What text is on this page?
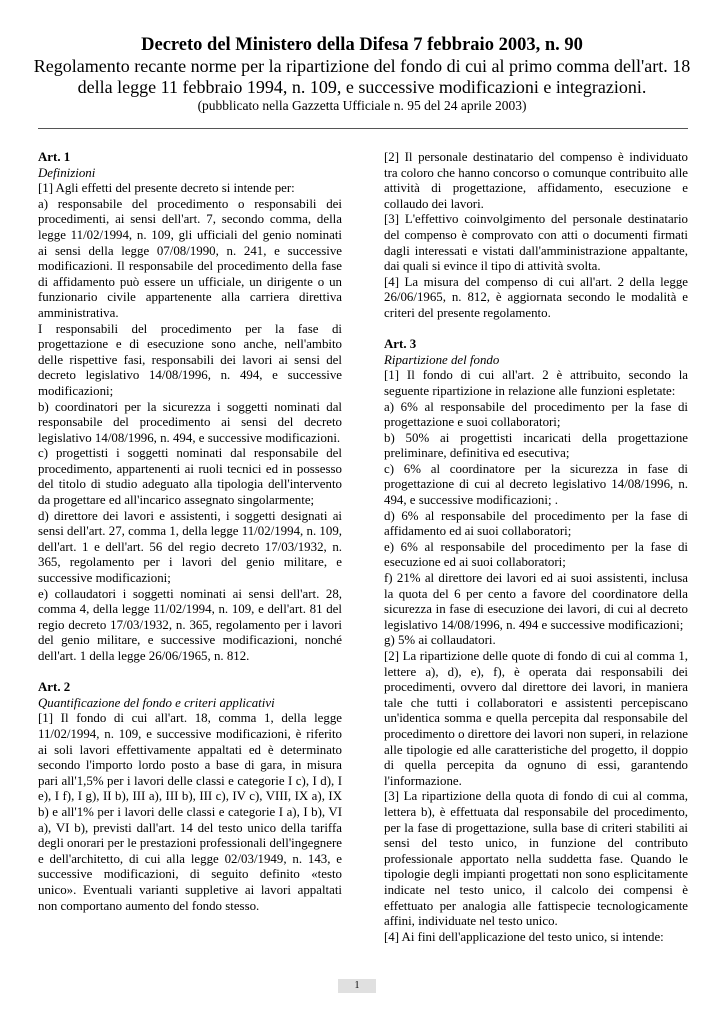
Decreto del Ministero della Difesa 7 febbraio 2003, n. 90
Regolamento recante norme per la ripartizione del fondo di cui al primo comma dell'art. 18 della legge 11 febbraio 1994, n. 109, e successive modificazioni e integrazioni.
(pubblicato nella Gazzetta Ufficiale n. 95 del 24 aprile 2003)

Art. 1

Definizioni

[1] Agli effetti del presente decreto si intende per:

a) responsabile del procedimento o responsabili dei procedimenti, ai sensi dell'art. 7, secondo comma, della legge 11/02/1994, n. 109, gli ufficiali del genio nominati ai sensi della legge 07/08/1990, n. 241, e successive modificazioni. Il responsabile del procedimento della fase di affidamento può essere un ufficiale, un dirigente o un funzionario civile appartenente alla carriera direttiva amministrativa.

I responsabili del procedimento per la fase di progettazione e di esecuzione sono anche, nell'ambito delle rispettive fasi, responsabili dei lavori ai sensi del decreto legislativo 14/08/1996, n. 494, e successive modificazioni;

b) coordinatori per la sicurezza i soggetti nominati dal responsabile del procedimento ai sensi del decreto legislativo 14/08/1996, n. 494, e successive modificazioni.

c) progettisti i soggetti nominati dal responsabile del procedimento, appartenenti ai ruoli tecnici ed in possesso del titolo di studio adeguato alla tipologia dell'intervento da progettare ed all'incarico assegnato singolarmente;

d) direttore dei lavori e assistenti, i soggetti designati ai sensi dell'art. 27, comma 1, della legge 11/02/1994, n. 109, dell'art. 1 e dell'art. 56 del regio decreto 17/03/1932, n. 365, regolamento per i lavori del genio militare, e successive modificazioni;

e) collaudatori i soggetti nominati ai sensi dell'art. 28, comma 4, della legge 11/02/1994, n. 109, e dell'art. 81 del regio decreto 17/03/1932, n. 365, regolamento per i lavori del genio militare, e successive modificazioni, nonché dell'art. 1 della legge 26/06/1965, n. 812.

Art. 2

Quantificazione del fondo e criteri applicativi

[1] Il fondo di cui all'art. 18, comma 1, della legge 11/02/1994, n. 109, e successive modificazioni, è riferito ai soli lavori effettivamente appaltati ed è determinato secondo l'importo lordo posto a base di gara, in misura pari all'1,5% per i lavori delle classi e categorie I c), I d), I e), I f), I g), II b), III a), III b), III c), IV c), VIII, IX a), IX b) e all'1% per i lavori delle classi e categorie I a), I b), VI a), VI b), previsti dall'art. 14 del testo unico della tariffa degli onorari per le prestazioni professionali dell'ingegnere e dell'architetto, di cui alla legge 02/03/1949, n. 143, e successive modificazioni, di seguito definito «testo unico». Eventuali varianti suppletive ai lavori appaltati non comportano aumento del fondo stesso.

[2] Il personale destinatario del compenso è individuato tra coloro che hanno concorso o comunque contribuito alle attività di progettazione, affidamento, esecuzione e collaudo dei lavori.

[3] L'effettivo coinvolgimento del personale destinatario del compenso è comprovato con atti o documenti firmati dagli interessati e vistati dall'amministrazione appaltante, dai quali si evince il tipo di attività svolta.

[4] La misura del compenso di cui all'art. 2 della legge 26/06/1965, n. 812, è aggiornata secondo le modalità e criteri del presente regolamento.

Art. 3

Ripartizione del fondo

[1] Il fondo di cui all'art. 2 è attribuito, secondo la seguente ripartizione in relazione alle funzioni espletate:

a) 6% al responsabile del procedimento per la fase di progettazione e suoi collaboratori;

b) 50% ai progettisti incaricati della progettazione preliminare, definitiva ed esecutiva;

c) 6% al coordinatore per la sicurezza in fase di progettazione di cui al decreto legislativo 14/08/1996, n. 494, e successive modificazioni; .

d) 6% al responsabile del procedimento per la fase di affidamento ed ai suoi collaboratori;

e) 6% al responsabile del procedimento per la fase di esecuzione ed ai suoi collaboratori;

f) 21% al direttore dei lavori ed ai suoi assistenti, inclusa la quota del 6 per cento a favore del coordinatore della sicurezza in fase di esecuzione dei lavori, di cui al decreto legislativo 14/08/1996, n. 494 e successive modificazioni;

g) 5% ai collaudatori.

[2] La ripartizione delle quote di fondo di cui al comma 1, lettere a), d), e), f), è operata dai responsabili dei procedimenti, ovvero dal direttore dei lavori, in maniera tale che tutti i collaboratori e assistenti percepiscano un'identica somma e quella percepita dal responsabile del procedimento o direttore dei lavori non superi, in relazione alle tipologie ed alle caratteristiche del progetto, il doppio di quella percepita da ognuno di essi, garantendo l'informazione.

[3] La ripartizione della quota di fondo di cui al comma, lettera b), è effettuata dal responsabile del procedimento, per la fase di progettazione, sulla base di criteri stabiliti ai sensi del testo unico, in funzione del contributo professionale apportato nella suddetta fase. Quando le tipologie degli impianti progettati non sono esplicitamente indicate nel testo unico, il calcolo dei compensi è effettuato per analogia alle fattispecie tecnologicamente affini, individuate nel testo unico.

[4] Ai fini dell'applicazione del testo unico, si intende:

1
